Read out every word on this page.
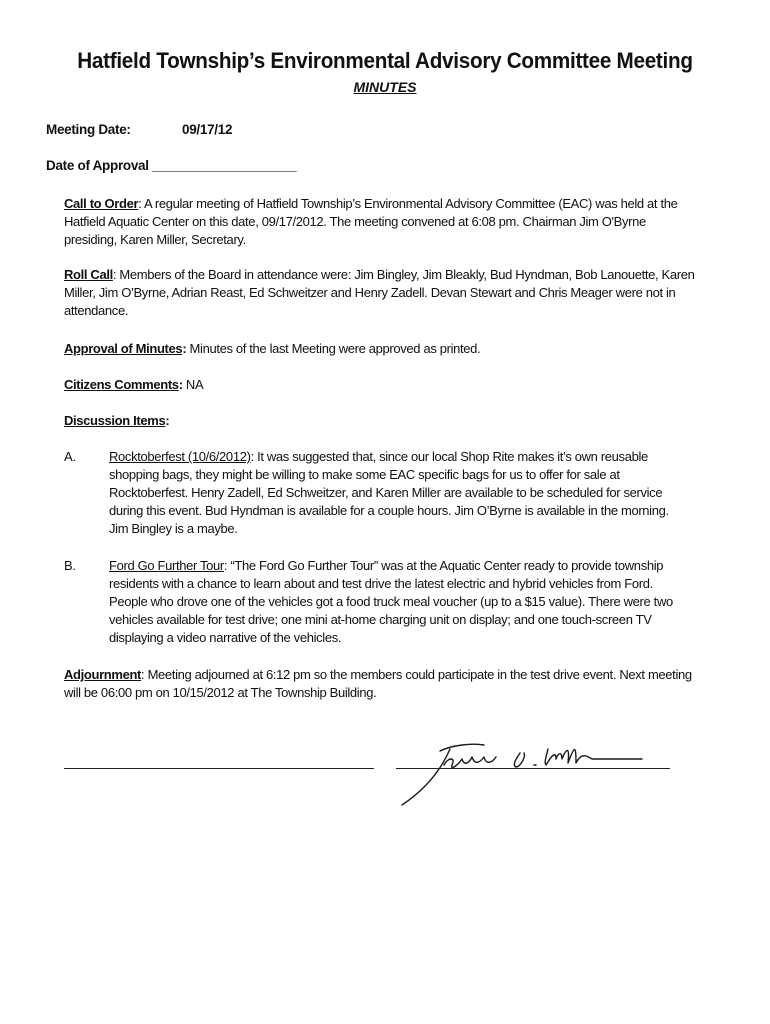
Hatfield Township’s Environmental Advisory Committee Meeting
MINUTES
Meeting Date:	09/17/12
Date of Approval ____________________
Call to Order: A regular meeting of Hatfield Township’s Environmental Advisory Committee (EAC) was held at the Hatfield Aquatic Center on this date, 09/17/2012. The meeting convened at 6:08 pm. Chairman Jim O'Byrne presiding, Karen Miller, Secretary.
Roll Call: Members of the Board in attendance were: Jim Bingley, Jim Bleakly, Bud Hyndman, Bob Lanouette, Karen Miller, Jim O’Byrne, Adrian Reast, Ed Schweitzer and Henry Zadell. Devan Stewart and Chris Meager were not in attendance.
Approval of Minutes: Minutes of the last Meeting were approved as printed.
Citizens Comments: NA
Discussion Items:
A.	Rocktoberfest (10/6/2012): It was suggested that, since our local Shop Rite makes it’s own reusable shopping bags, they might be willing to make some EAC specific bags for us to offer for sale at Rocktoberfest. Henry Zadell, Ed Schweitzer, and Karen Miller are available to be scheduled for service during this event. Bud Hyndman is available for a couple hours. Jim O’Byrne is available in the morning. Jim Bingley is a maybe.
B.	Ford Go Further Tour: “The Ford Go Further Tour” was at the Aquatic Center ready to provide township residents with a chance to learn about and test drive the latest electric and hybrid vehicles from Ford. People who drove one of the vehicles got a food truck meal voucher (up to a $15 value). There were two vehicles available for test drive; one mini at-home charging unit on display; and one touch-screen TV displaying a video narrative of the vehicles.
Adjournment: Meeting adjourned at 6:12 pm so the members could participate in the test drive event. Next meeting will be 06:00 pm on 10/15/2012 at The Township Building.
